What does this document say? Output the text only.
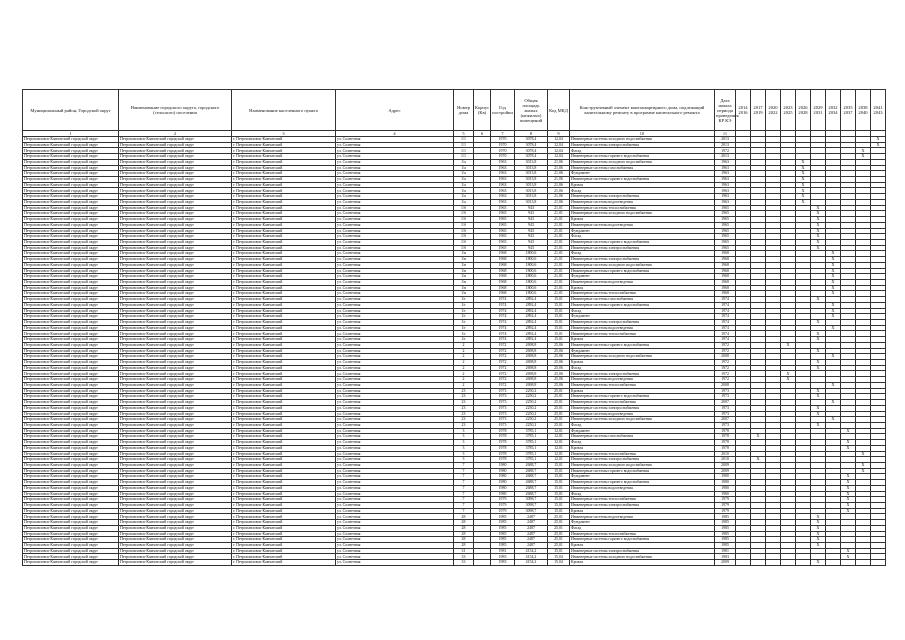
Муниципальный район, Городской округ	Наименование городского округа, городского (сельского) поселения	Наименование населенного пункта	Адрес	Номер дома	Корпус (Кв)	Год постройки	Общая площадь жилых (нежилых) помещений	Код МКД	Конструктивный элемент многоквартирного дома, подлежащий капитальному ремонту в программе капитального ремонта	Дата начала периода проведения КР КЭ	2014 2016	2017 2019	2020 2022	2023 2025	2026 2028	2029 2031	2032 2034	2035 2037	2038 2040	2041 2043
1	2	3	4	5	6	7	8	9	10	11										
Петропавловск-Камчатский городской округ	Петропавловск-Камчатский городской округ	г. Петропавловск-Камчатский	ул. Солнечная	1/1		1970	3078,4	12,04	Инженерные системы холодного водоснабжения	2013										X
Петропавловск-Камчатский городской округ	Петропавловск-Камчатский городской округ	г. Петропавловск-Камчатский	ул. Солнечная	1/1		1970	3078,4	12,04	Инженерные системы электроснабжения	2013										X
Петропавловск-Камчатский городской округ	Петропавловск-Камчатский городской округ	г. Петропавловск-Камчатский	ул. Солнечная	1/1		1970	3078,4	12,04	Фасад	1972									X	
Петропавловск-Камчатский городской округ	Петропавловск-Камчатский городской округ	г. Петропавловск-Камчатский	ул. Солнечная	1/1		1970	3078,4	12,04	Инженерные системы горячего водоснабжения	2013									X	
Петропавловск-Камчатский городской округ	Петропавловск-Камчатский городской округ	г. Петропавловск-Камчатский	ул. Солнечная	1/а		1963	3013,8	21,06	Инженерные системы холодного водоснабжения	1963					X					
Петропавловск-Камчатский городской округ	Петропавловск-Камчатский городской округ	г. Петропавловск-Камчатский	ул. Солнечная	1/а		1963	3013,8	21,06	Инженерные системы газоснабжения	1963					X					
Петропавловск-Камчатский городской округ	Петропавловск-Камчатский городской округ	г. Петропавловск-Камчатский	ул. Солнечная	1/а		1963	3013,8	21,06	Фундамент	1963					X					
Петропавловск-Камчатский городской округ	Петропавловск-Камчатский городской округ	г. Петропавловск-Камчатский	ул. Солнечная	1/а		1963	3013,8	21,06	Инженерные системы горячего водоснабжения	1963					X					
Петропавловск-Камчатский городской округ	Петропавловск-Камчатский городской округ	г. Петропавловск-Камчатский	ул. Солнечная	1/а		1963	3013,8	21,06	Кровля	1963					X					
Петропавловск-Камчатский городской округ	Петропавловск-Камчатский городской округ	г. Петропавловск-Камчатский	ул. Солнечная	1/а		1963	3013,8	21,06	Фасад	1963					X					
Петропавловск-Камчатский городской округ	Петропавловск-Камчатский городской округ	г. Петропавловск-Камчатский	ул. Солнечная	1/а		1963	3013,8	21,06	Инженерные системы электроснабжения	1963					X					
Петропавловск-Камчатский городской округ	Петропавловск-Камчатский городской округ	г. Петропавловск-Камчатский	ул. Солнечная	1/а		1963	3013,8	21,06	Инженерные системы водоотведения	1963					X					
Петропавловск-Камчатский городской округ	Петропавловск-Камчатский городской округ	г. Петропавловск-Камчатский	ул. Солнечная	1/б		1965	943	21,01	Инженерные системы теплоснабжения	1965						X				
Петропавловск-Камчатский городской округ	Петропавловск-Камчатский городской округ	г. Петропавловск-Камчатский	ул. Солнечная	1/б		1965	943	21,01	Инженерные системы холодного водоснабжения	1965						X				
Петропавловск-Камчатский городской округ	Петропавловск-Камчатский городской округ	г. Петропавловск-Камчатский	ул. Солнечная	1/б		1965	943	21,01	Кровля	1965						X				
Петропавловск-Камчатский городской округ	Петропавловск-Камчатский городской округ	г. Петропавловск-Камчатский	ул. Солнечная	1/б		1965	943	21,01	Инженерные системы водоотведения	1965						X				
Петропавловск-Камчатский городской округ	Петропавловск-Камчатский городской округ	г. Петропавловск-Камчатский	ул. Солнечная	1/б		1965	943	21,01	Фундамент	1965						X				
Петропавловск-Камчатский городской округ	Петропавловск-Камчатский городской округ	г. Петропавловск-Камчатский	ул. Солнечная	1/б		1965	943	21,01	Фасад	1965						X				
Петропавловск-Камчатский городской округ	Петропавловск-Камчатский городской округ	г. Петропавловск-Камчатский	ул. Солнечная	1/б		1965	943	21,01	Инженерные системы горячего водоснабжения	1965						X				
Петропавловск-Камчатский городской округ	Петропавловск-Камчатский городской округ	г. Петропавловск-Камчатский	ул. Солнечная	1/б		1965	943	21,01	Инженерные системы электроснабжения	1965						X				
Петропавловск-Камчатский городской округ	Петропавловск-Камчатский городской округ	г. Петропавловск-Камчатский	ул. Солнечная	1/в		1968	1800,6	21,01	Фасад	1968							X			
Петропавловск-Камчатский городской округ	Петропавловск-Камчатский городской округ	г. Петропавловск-Камчатский	ул. Солнечная	1/в		1968	1800,6	21,01	Инженерные системы электроснабжения	1968							X			
Петропавловск-Камчатский городской округ	Петропавловск-Камчатский городской округ	г. Петропавловск-Камчатский	ул. Солнечная	1/в		1968	1800,6	21,01	Инженерные системы холодного водоснабжения	1968							X			
Петропавловск-Камчатский городской округ	Петропавловск-Камчатский городской округ	г. Петропавловск-Камчатский	ул. Солнечная	1/в		1968	1800,6	21,01	Инженерные системы горячего водоснабжения	1968							X			
Петропавловск-Камчатский городской округ	Петропавловск-Камчатский городской округ	г. Петропавловск-Камчатский	ул. Солнечная	1/в		1968	1800,6	21,01	Фундамент	1968							X			
Петропавловск-Камчатский городской округ	Петропавловск-Камчатский городской округ	г. Петропавловск-Камчатский	ул. Солнечная	1/в		1968	1800,6	21,01	Инженерные системы водоотведения	1968							X			
Петропавловск-Камчатский городской округ	Петропавловск-Камчатский городской округ	г. Петропавловск-Камчатский	ул. Солнечная	1/в		1968	1800,6	21,01	Кровля	1968							X			
Петропавловск-Камчатский городской округ	Петропавловск-Камчатский городской округ	г. Петропавловск-Камчатский	ул. Солнечная	1/в		1968	1800,6	21,01	Инженерные системы теплоснабжения	1968							X			
Петропавловск-Камчатский городской округ	Петропавловск-Камчатский городской округ	г. Петропавловск-Камчатский	ул. Солнечная	1/г		1974	2892,4	15,01	Инженерные системы газоснабжения	1974						X				
Петропавловск-Камчатский городской округ	Петропавловск-Камчатский городской округ	г. Петропавловск-Камчатский	ул. Солнечная	1/г		1974	2892,4	15,01	Инженерные системы горячего водоснабжения	1974							X			
Петропавловск-Камчатский городской округ	Петропавловск-Камчатский городской округ	г. Петропавловск-Камчатский	ул. Солнечная	1/г		1974	2892,4	15,01	Фасад	1974							X			
Петропавловск-Камчатский городской округ	Петропавловск-Камчатский городской округ	г. Петропавловск-Камчатский	ул. Солнечная	1/г		1974	2892,4	15,01	Фундамент	1974							X			
Петропавловск-Камчатский городской округ	Петропавловск-Камчатский городской округ	г. Петропавловск-Камчатский	ул. Солнечная	1/г		1974	2892,4	15,01	Инженерные системы электроснабжения	1974						X				
Петропавловск-Камчатский городской округ	Петропавловск-Камчатский городской округ	г. Петропавловск-Камчатский	ул. Солнечная	1/г		1974	2892,4	15,01	Инженерные системы водоотведения	1974							X			
Петропавловск-Камчатский городской округ	Петропавловск-Камчатский городской округ	г. Петропавловск-Камчатский	ул. Солнечная	1/г		1974	2892,4	15,01	Инженерные системы теплоснабжения	1974						X				
Петропавловск-Камчатский городской округ	Петропавловск-Камчатский городской округ	г. Петропавловск-Камчатский	ул. Солнечная	1/г		1974	2892,4	15,01	Кровля	1974						X				
Петропавловск-Камчатский городской округ	Петропавловск-Камчатский городской округ	г. Петропавловск-Камчатский	ул. Солнечная	2		1972	2698,8	25,06	Инженерные системы горячего водоснабжения	1972				X						
Петропавловск-Камчатский городской округ	Петропавловск-Камчатский городской округ	г. Петропавловск-Камчатский	ул. Солнечная	2		1972	2698,8	25,06	Фундамент	1972						X				
Петропавловск-Камчатский городской округ	Петропавловск-Камчатский городской округ	г. Петропавловск-Камчатский	ул. Солнечная	2		1972	2698,8	25,06	Инженерные системы холодного водоснабжения	2008							X			
Петропавловск-Камчатский городской округ	Петропавловск-Камчатский городской округ	г. Петропавловск-Камчатский	ул. Солнечная	2		1972	2698,8	25,06	Кровля	1972						X				
Петропавловск-Камчатский городской округ	Петропавловск-Камчатский городской округ	г. Петропавловск-Камчатский	ул. Солнечная	2		1972	2698,8	25,06	Фасад	1972						X				
Петропавловск-Камчатский городской округ	Петропавловск-Камчатский городской округ	г. Петропавловск-Камчатский	ул. Солнечная	2		1972	2698,8	25,06	Инженерные системы электроснабжения	1972				X						
Петропавловск-Камчатский городской округ	Петропавловск-Камчатский городской округ	г. Петропавловск-Камчатский	ул. Солнечная	2		1972	2698,8	25,06	Инженерные системы водоотведения	1972				X						
Петропавловск-Камчатский городской округ	Петропавловск-Камчатский городской округ	г. Петропавловск-Камчатский	ул. Солнечная	2		1972	2698,8	25,06	Инженерные системы теплоснабжения	2008							X			
Петропавловск-Камчатский городской округ	Петропавловск-Камчатский городской округ	г. Петропавловск-Камчатский	ул. Солнечная	23		1973	2250,2	25,01	Кровля	1973						X				
Петропавловск-Камчатский городской округ	Петропавловск-Камчатский городской округ	г. Петропавловск-Камчатский	ул. Солнечная	23		1973	2250,2	25,01	Инженерные системы горячего водоснабжения	1973						X				
Петропавловск-Камчатский городской округ	Петропавловск-Камчатский городской округ	г. Петропавловск-Камчатский	ул. Солнечная	23		1973	2250,2	25,01	Инженерные системы теплоснабжения	2007							X			
Петропавловск-Камчатский городской округ	Петропавловск-Камчатский городской округ	г. Петропавловск-Камчатский	ул. Солнечная	23		1973	2250,2	25,01	Инженерные системы электроснабжения	1973						X				
Петропавловск-Камчатский городской округ	Петропавловск-Камчатский городской округ	г. Петропавловск-Камчатский	ул. Солнечная	23		1973	2250,2	25,01	Инженерные системы водоотведения	1973						X				
Петропавловск-Камчатский городской округ	Петропавловск-Камчатский городской округ	г. Петропавловск-Камчатский	ул. Солнечная	23		1973	2250,2	25,01	Инженерные системы холодного водоснабжения	2007							X			
Петропавловск-Камчатский городской округ	Петропавловск-Камчатский городской округ	г. Петропавловск-Камчатский	ул. Солнечная	23		1973	2250,2	25,01	Фасад	1973						X				
Петропавловск-Камчатский городской округ	Петропавловск-Камчатский городской округ	г. Петропавловск-Камчатский	ул. Солнечная	3		1978	3785,1	12,01	Фундамент	1978								X		
Петропавловск-Камчатский городской округ	Петропавловск-Камчатский городской округ	г. Петропавловск-Камчатский	ул. Солнечная	3		1978	3785,1	12,01	Инженерные системы газоснабжения	1978		X								
Петропавловск-Камчатский городской округ	Петропавловск-Камчатский городской округ	г. Петропавловск-Камчатский	ул. Солнечная	3		1978	3785,1	12,01	Фасад	1978								X		
Петропавловск-Камчатский городской округ	Петропавловск-Камчатский городской округ	г. Петропавловск-Камчатский	ул. Солнечная	3		1978	3785,1	12,01	Кровля	1978								X		
Петропавловск-Камчатский городской округ	Петропавловск-Камчатский городской округ	г. Петропавловск-Камчатский	ул. Солнечная	3		1978	3785,1	12,01	Инженерные системы теплоснабжения	2010									X	
Петропавловск-Камчатский городской округ	Петропавловск-Камчатский городской округ	г. Петропавловск-Камчатский	ул. Солнечная	3		1978	3785,1	12,01	Инженерные системы электроснабжения	2010		X								
Петропавловск-Камчатский городской округ	Петропавловск-Камчатский городской округ	г. Петропавловск-Камчатский	ул. Солнечная	7		1980	2688,7	15,01	Инженерные системы холодного водоснабжения	2009									X	
Петропавловск-Камчатский городской округ	Петропавловск-Камчатский городской округ	г. Петропавловск-Камчатский	ул. Солнечная	7		1980	2688,7	15,01	Инженерные системы горячего водоснабжения	2009									X	
Петропавловск-Камчатский городской округ	Петропавловск-Камчатский городской округ	г. Петропавловск-Камчатский	ул. Солнечная	7		1980	2688,7	15,01	Фундамент	1980								X		
Петропавловск-Камчатский городской округ	Петропавловск-Камчатский городской округ	г. Петропавловск-Камчатский	ул. Солнечная	7		1980	2688,7	15,01	Инженерные системы горячего водоснабжения	1980								X		
Петропавловск-Камчатский городской округ	Петропавловск-Камчатский городской округ	г. Петропавловск-Камчатский	ул. Солнечная	7		1980	2688,7	15,01	Инженерные системы водоотведения	1980								X		
Петропавловск-Камчатский городской округ	Петропавловск-Камчатский городской округ	г. Петропавловск-Камчатский	ул. Солнечная	7		1980	2688,7	15,01	Фасад	1980								X		
Петропавловск-Камчатский городской округ	Петропавловск-Камчатский городской округ	г. Петропавловск-Камчатский	ул. Солнечная	7		1979	3098,7	15,01	Инженерные системы теплоснабжения	1979								X		
Петропавловск-Камчатский городской округ	Петропавловск-Камчатский городской округ	г. Петропавловск-Камчатский	ул. Солнечная	7		1979	3098,7	15,01	Инженерные системы электроснабжения	1979								X		
Петропавловск-Камчатский городской округ	Петропавловск-Камчатский городской округ	г. Петропавловск-Камчатский	ул. Солнечная	7		1979	3098,7	15,01	Кровля	1979								X		
Петропавловск-Камчатский городской округ	Петропавловск-Камчатский городской округ	г. Петропавловск-Камчатский	ул. Солнечная	28		1985	2487	25,01	Инженерные системы водоотведения	1985						X				
Петропавловск-Камчатский городской округ	Петропавловск-Камчатский городской округ	г. Петропавловск-Камчатский	ул. Солнечная	28		1985	2487	25,01	Фундамент	1985						X				
Петропавловск-Камчатский городской округ	Петропавловск-Камчатский городской округ	г. Петропавловск-Камчатский	ул. Солнечная	28		1985	2487	25,01	Фасад	1985						X				
Петропавловск-Камчатский городской округ	Петропавловск-Камчатский городской округ	г. Петропавловск-Камчатский	ул. Солнечная	28		1985	2487	25,01	Инженерные системы теплоснабжения	1985						X				
Петропавловск-Камчатский городской округ	Петропавловск-Камчатский городской округ	г. Петропавловск-Камчатский	ул. Солнечная	28		1985	2487	25,01	Инженерные системы горячего водоснабжения	1985						X				
Петропавловск-Камчатский городской округ	Петропавловск-Камчатский городской округ	г. Петропавловск-Камчатский	ул. Солнечная	28		1985	2487	25,01	Кровля	1985						X				
Петропавловск-Камчатский городской округ	Петропавловск-Камчатский городской округ	г. Петропавловск-Камчатский	ул. Солнечная	31		1981	4154,2	15,01	Инженерные системы электроснабжения	1981								X		
Петропавловск-Камчатский городской округ	Петропавловск-Камчатский городской округ	г. Петропавловск-Камчатский	ул. Солнечная	33		1983	4154,2	15,04	Инженерные системы холодного водоснабжения	1983								X		
Петропавловск-Камчатский городской округ	Петропавловск-Камчатский городской округ	г. Петропавловск-Камчатский	ул. Солнечная	33		1983	4154,2	15,04	Кровля	2009						X				
